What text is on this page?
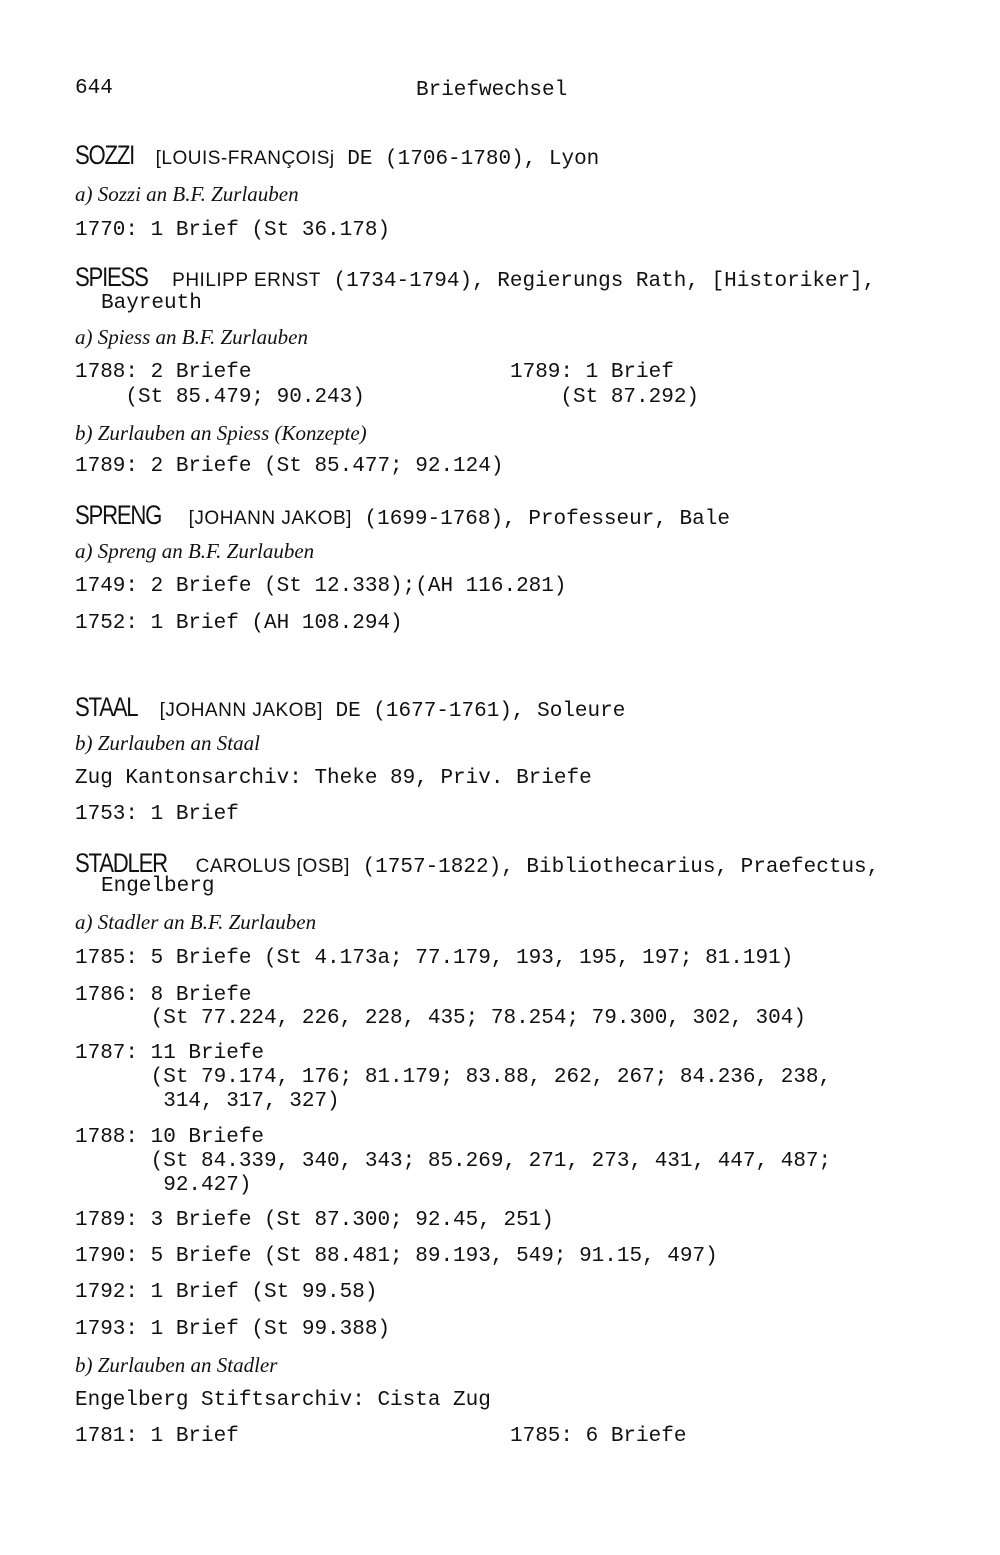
644	Briefwechsel
SOZZI [LOUIS-FRANÇOISj DE (1706-1780), Lyon
a) Sozzi an B.F. Zurlauben
1770: 1 Brief (St 36.178)
SPIESS PHILIPP ERNST (1734-1794), Regierungs Rath, [Historiker],
Bayreuth
a) Spiess an B.F. Zurlauben
1788: 2 Briefe
(St 85.479; 90.243)
1789: 1 Brief
(St 87.292)
b) Zurlauben an Spiess (Konzepte)
1789: 2 Briefe (St 85.477; 92.124)
SPRENG [JOHANN JAKOB] (1699-1768), Professeur, Bale
a) Spreng an B.F. Zurlauben
1749: 2 Briefe (St 12.338);(AH 116.281)
1752: 1 Brief (AH 108.294)
STAAL [JOHANN JAKOB] DE (1677-1761), Soleure
b) Zurlauben an Staal
Zug Kantonsarchiv: Theke 89, Priv. Briefe
1753: 1 Brief
STADLER CAROLUS [OSB] (1757-1822), Bibliothecarius, Praefectus,
Engelberg
a) Stadler an B.F. Zurlauben
1785: 5 Briefe (St 4.173a; 77.179, 193, 195, 197; 81.191)
1786: 8 Briefe
(St 77.224, 226, 228, 435; 78.254; 79.300, 302, 304)
1787: 11 Briefe
(St 79.174, 176; 81.179; 83.88, 262, 267; 84.236, 238,
314, 317, 327)
1788: 10 Briefe
(St 84.339, 340, 343; 85.269, 271, 273, 431, 447, 487;
92.427)
1789: 3 Briefe (St 87.300; 92.45, 251)
1790: 5 Briefe (St 88.481; 89.193, 549; 91.15, 497)
1792: 1 Brief (St 99.58)
1793: 1 Brief (St 99.388)
b) Zurlauben an Stadler
Engelberg Stiftsarchiv: Cista Zug
1781: 1 Brief	1785: 6 Briefe
